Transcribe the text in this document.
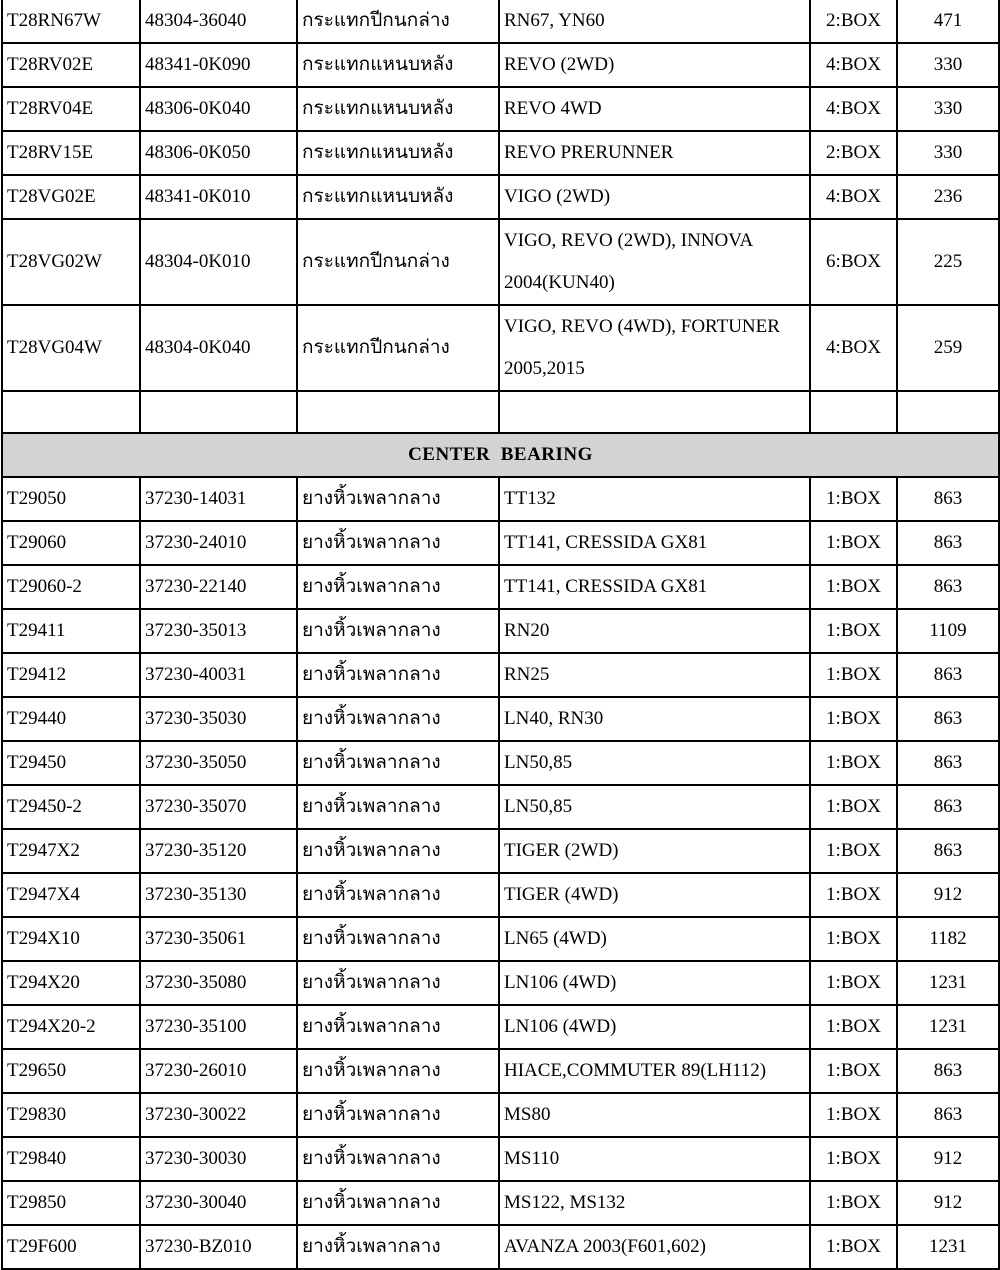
T28RN67W	48304-36040	กระแทกปีกนกล่าง	RN67, YN60	2:BOX	471
T28RV02E	48341-0K090	กระแทกแหนบหลัง	REVO (2WD)	4:BOX	330
T28RV04E	48306-0K040	กระแทกแหนบหลัง	REVO 4WD	4:BOX	330
T28RV15E	48306-0K050	กระแทกแหนบหลัง	REVO PRERUNNER	2:BOX	330
T28VG02E	48341-0K010	กระแทกแหนบหลัง	VIGO (2WD)	4:BOX	236
T28VG02W	48304-0K010	กระแทกปีกนกล่าง	VIGO, REVO (2WD), INNOVA 2004(KUN40)	6:BOX	225
T28VG04W	48304-0K040	กระแทกปีกนกล่าง	VIGO, REVO (4WD), FORTUNER 2005,2015	4:BOX	259

CENTER  BEARING					
T29050	37230-14031	ยางหิ้วเพลากลาง	TT132	1:BOX	863
T29060	37230-24010	ยางหิ้วเพลากลาง	TT141, CRESSIDA GX81	1:BOX	863
T29060-2	37230-22140	ยางหิ้วเพลากลาง	TT141, CRESSIDA GX81	1:BOX	863
T29411	37230-35013	ยางหิ้วเพลากลาง	RN20	1:BOX	1109
T29412	37230-40031	ยางหิ้วเพลากลาง	RN25	1:BOX	863
T29440	37230-35030	ยางหิ้วเพลากลาง	LN40, RN30	1:BOX	863
T29450	37230-35050	ยางหิ้วเพลากลาง	LN50,85	1:BOX	863
T29450-2	37230-35070	ยางหิ้วเพลากลาง	LN50,85	1:BOX	863
T2947X2	37230-35120	ยางหิ้วเพลากลาง	TIGER (2WD)	1:BOX	863
T2947X4	37230-35130	ยางหิ้วเพลากลาง	TIGER (4WD)	1:BOX	912
T294X10	37230-35061	ยางหิ้วเพลากลาง	LN65 (4WD)	1:BOX	1182
T294X20	37230-35080	ยางหิ้วเพลากลาง	LN106 (4WD)	1:BOX	1231
T294X20-2	37230-35100	ยางหิ้วเพลากลาง	LN106 (4WD)	1:BOX	1231
T29650	37230-26010	ยางหิ้วเพลากลาง	HIACE,COMMUTER 89(LH112)	1:BOX	863
T29830	37230-30022	ยางหิ้วเพลากลาง	MS80	1:BOX	863
T29840	37230-30030	ยางหิ้วเพลากลาง	MS110	1:BOX	912
T29850	37230-30040	ยางหิ้วเพลากลาง	MS122, MS132	1:BOX	912
T29F600	37230-BZ010	ยางหิ้วเพลากลาง	AVANZA 2003(F601,602)	1:BOX	1231
